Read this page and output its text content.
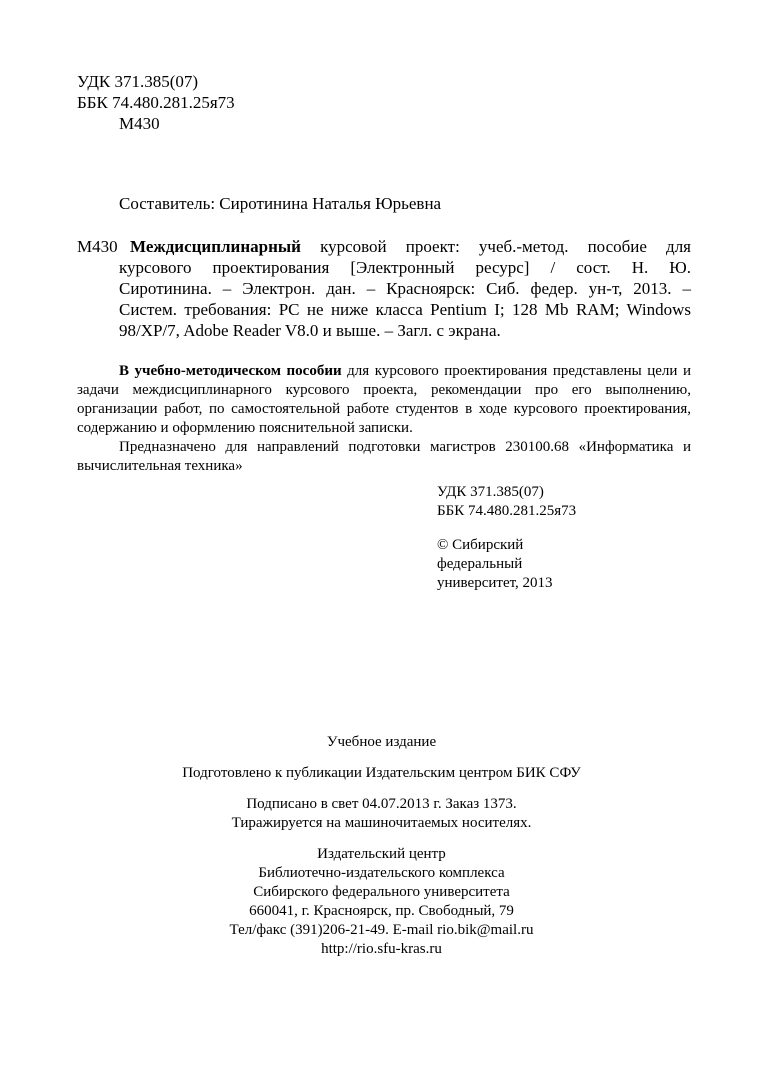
УДК 371.385(07)
ББК 74.480.281.25я73
М430
Составитель: Сиротинина Наталья Юрьевна
М430 Междисциплинарный курсовой проект: учеб.-метод. пособие для
курсового проектирования [Электронный ресурс] / сост. Н. Ю.
Сиротинина. – Электрон. дан. – Красноярск: Сиб. федер. ун-т, 2013. –
Систем. требования: PC не ниже класса Pentium I; 128 Mb RAM; Windows
98/XP/7, Adobe Reader V8.0 и выше. – Загл. с экрана.
В учебно-методическом пособии для курсового проектирования представлены цели и задачи междисциплинарного курсового проекта, рекомендации про его выполнению, организации работ, по самостоятельной работе студентов в ходе курсового проектирования, содержанию и оформлению пояснительной записки.
Предназначено для направлений подготовки магистров 230100.68 «Информатика и вычислительная техника»
УДК 371.385(07)
ББК 74.480.281.25я73
© Сибирский
федеральный
университет, 2013
Учебное издание
Подготовлено к публикации Издательским центром БИК СФУ
Подписано в свет 04.07.2013 г. Заказ 1373.
Тиражируется на машиночитаемых носителях.
Издательский центр
Библиотечно-издательского комплекса
Сибирского федерального университета
660041, г. Красноярск, пр. Свободный, 79
Тел/факс (391)206-21-49. E-mail rio.bik@mail.ru
http://rio.sfu-kras.ru
